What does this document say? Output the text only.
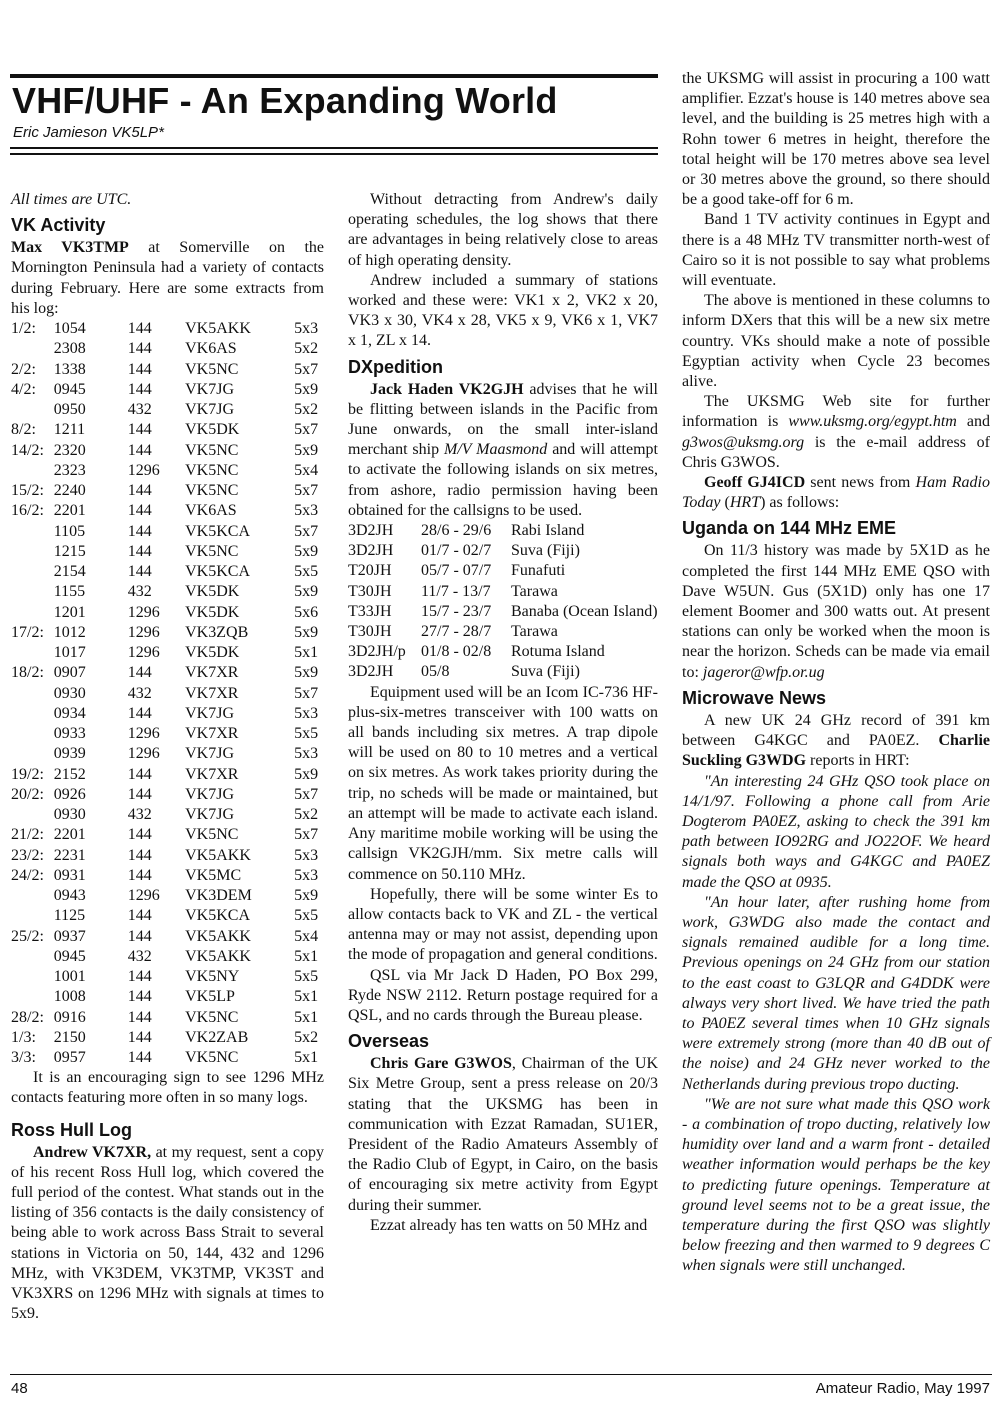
VHF/UHF - An Expanding World
Eric Jamieson VK5LP*

All times are UTC.

VK Activity

Max VK3TMP at Somerville on the Mornington Peninsula had a variety of contacts during February. Here are some extracts from his log:

1/2:	1054	144	VK5AKK	5x3
	2308	144	VK6AS	5x2
2/2:	1338	144	VK5NC	5x7
4/2:	0945	144	VK7JG	5x9
	0950	432	VK7JG	5x2
8/2:	1211	144	VK5DK	5x7
14/2:	2320	144	VK5NC	5x9
	2323	1296	VK5NC	5x4
15/2:	2240	144	VK5NC	5x7
16/2:	2201	144	VK6AS	5x3
	1105	144	VK5KCA	5x7
	1215	144	VK5NC	5x9
	2154	144	VK5KCA	5x5
	1155	432	VK5DK	5x9
	1201	1296	VK5DK	5x6
17/2:	1012	1296	VK3ZQB	5x9
	1017	1296	VK5DK	5x1
18/2:	0907	144	VK7XR	5x9
	0930	432	VK7XR	5x7
	0934	144	VK7JG	5x3
	0933	1296	VK7XR	5x5
	0939	1296	VK7JG	5x3
19/2:	2152	144	VK7XR	5x9
20/2:	0926	144	VK7JG	5x7
	0930	432	VK7JG	5x2
21/2:	2201	144	VK5NC	5x7
23/2:	2231	144	VK5AKK	5x3
24/2:	0931	144	VK5MC	5x3
	0943	1296	VK3DEM	5x9
	1125	144	VK5KCA	5x5
25/2:	0937	144	VK5AKK	5x4
	0945	432	VK5AKK	5x1
	1001	144	VK5NY	5x5
	1008	144	VK5LP	5x1
28/2:	0916	144	VK5NC	5x1
1/3:	2150	144	VK2ZAB	5x2
3/3:	0957	144	VK5NC	5x1

It is an encouraging sign to see 1296 MHz contacts featuring more often in so many logs.

Ross Hull Log

Andrew VK7XR, at my request, sent a copy of his recent Ross Hull log, which covered the full period of the contest. What stands out in the listing of 356 contacts is the daily consistency of being able to work across Bass Strait to several stations in Victoria on 50, 144, 432 and 1296 MHz, with VK3DEM, VK3TMP, VK3ST and VK3XRS on 1296 MHz with signals at times to 5x9.

Without detracting from Andrew's daily operating schedules, the log shows that there are advantages in being relatively close to areas of high operating density.

Andrew included a summary of stations worked and these were: VK1 x 2, VK2 x 20, VK3 x 30, VK4 x 28, VK5 x 9, VK6 x 1, VK7 x 1, ZL x 14.

DXpedition

Jack Haden VK2GJH advises that he will be flitting between islands in the Pacific from June onwards, on the small inter-island merchant ship M/V Maasmond and will attempt to activate the following islands on six metres, from ashore, radio permission having been obtained for the callsigns to be used.

3D2JH	28/6 - 29/6	Rabi Island
3D2JH	01/7 - 02/7	Suva (Fiji)
T20JH	05/7 - 07/7	Funafuti
T30JH	11/7 - 13/7	Tarawa
T33JH	15/7 - 23/7	Banaba (Ocean Island)
T30JH	27/7 - 28/7	Tarawa
3D2JH/p	01/8 - 02/8	Rotuma Island
3D2JH	05/8	Suva (Fiji)

Equipment used will be an Icom IC-736 HF-plus-six-metres transceiver with 100 watts on all bands including six metres. A trap dipole will be used on 80 to 10 metres and a vertical on six metres. As work takes priority during the trip, no scheds will be made or maintained, but an attempt will be made to activate each island. Any maritime mobile working will be using the callsign VK2GJH/mm. Six metre calls will commence on 50.110 MHz.

Hopefully, there will be some winter Es to allow contacts back to VK and ZL - the vertical antenna may or may not assist, depending upon the mode of propagation and general conditions.

QSL via Mr Jack D Haden, PO Box 299, Ryde NSW 2112. Return postage required for a QSL, and no cards through the Bureau please.

Overseas

Chris Gare G3WOS, Chairman of the UK Six Metre Group, sent a press release on 20/3 stating that the UKSMG has been in communication with Ezzat Ramadan, SU1ER, President of the Radio Amateurs Assembly of the Radio Club of Egypt, in Cairo, on the basis of encouraging six metre activity from Egypt during their summer.

Ezzat already has ten watts on 50 MHz and

the UKSMG will assist in procuring a 100 watt amplifier. Ezzat's house is 140 metres above sea level, and the building is 25 metres high with a Rohn tower 6 metres in height, therefore the total height will be 170 metres above sea level or 30 metres above the ground, so there should be a good take-off for 6 m.

Band 1 TV activity continues in Egypt and there is a 48 MHz TV transmitter north-west of Cairo so it is not possible to say what problems will eventuate.

The above is mentioned in these columns to inform DXers that this will be a new six metre country. VKs should make a note of possible Egyptian activity when Cycle 23 becomes alive.

The UKSMG Web site for further information is www.uksmg.org/egypt.htm and g3wos@uksmg.org is the e-mail address of Chris G3WOS.

Geoff GJ4ICD sent news from Ham Radio Today (HRT) as follows:

Uganda on 144 MHz EME

On 11/3 history was made by 5X1D as he completed the first 144 MHz EME QSO with Dave W5UN. Gus (5X1D) only has one 17 element Boomer and 300 watts out. At present stations can only be worked when the moon is near the horizon. Scheds can be made via email to: jageror@wfp.or.ug

Microwave News

A new UK 24 GHz record of 391 km between G4KGC and PA0EZ. Charlie Suckling G3WDG reports in HRT:

"An interesting 24 GHz QSO took place on 14/1/97. Following a phone call from Arie Dogterom PA0EZ, asking to check the 391 km path between IO92RG and JO22OF. We heard signals both ways and G4KGC and PA0EZ made the QSO at 0935.

"An hour later, after rushing home from work, G3WDG also made the contact and signals remained audible for a long time. Previous openings on 24 GHz from our station to the east coast to G3LQR and G4DDK were always very short lived. We have tried the path to PA0EZ several times when 10 GHz signals were extremely strong (more than 40 dB out of the noise) and 24 GHz never worked to the Netherlands during previous tropo ducting.

"We are not sure what made this QSO work - a combination of tropo ducting, relatively low humidity over land and a warm front - detailed weather information would perhaps be the key to predicting future openings. Temperature at ground level seems not to be a great issue, the temperature during the first QSO was slightly below freezing and then warmed to 9 degrees C when signals were still unchanged.

48	Amateur Radio, May 1997
